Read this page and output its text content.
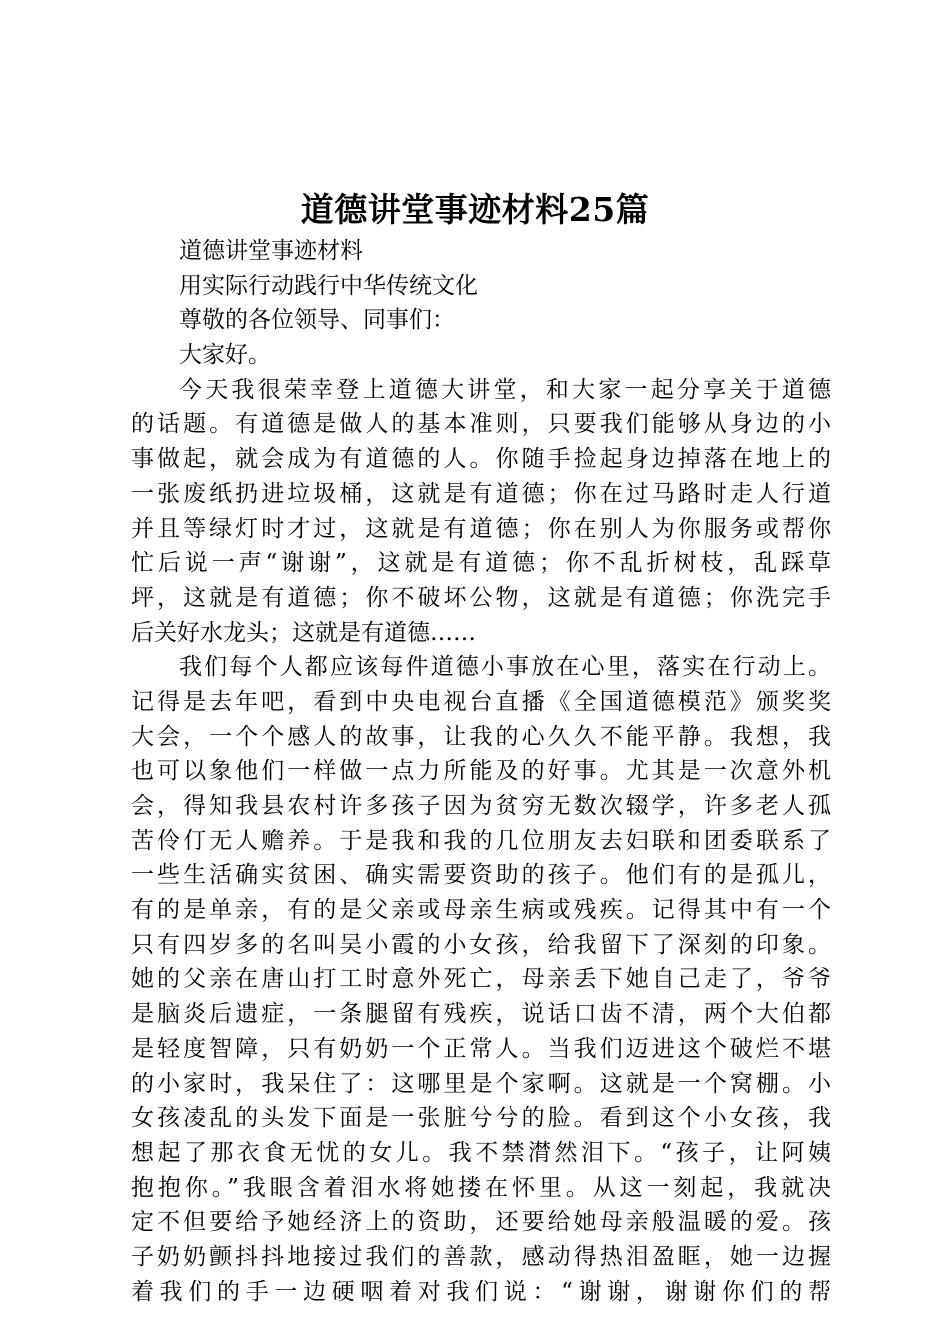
道德讲堂事迹材料25篇
道德讲堂事迹材料
用实际行动践行中华传统文化
尊敬的各位领导、同事们：
大家好。
今天我很荣幸登上道德大讲堂，和大家一起分享关于道德
的话题。有道德是做人的基本准则，只要我们能够从身边的小
事做起，就会成为有道德的人。你随手捡起身边掉落在地上的
一张废纸扔进垃圾桶，这就是有道德；你在过马路时走人行道
并且等绿灯时才过，这就是有道德；你在别人为你服务或帮你
忙后说一声“谢谢”，这就是有道德；你不乱折树枝，乱踩草
坪，这就是有道德；你不破坏公物，这就是有道德；你洗完手
后关好水龙头；这就是有道德……
我们每个人都应该每件道德小事放在心里，落实在行动上。
记得是去年吧，看到中央电视台直播《全国道德模范》颁奖奖
大会，一个个感人的故事，让我的心久久不能平静。我想，我
也可以象他们一样做一点力所能及的好事。尤其是一次意外机
会，得知我县农村许多孩子因为贫穷无数次辍学，许多老人孤
苦伶仃无人赡养。于是我和我的几位朋友去妇联和团委联系了
一些生活确实贫困、确实需要资助的孩子。他们有的是孤儿，
有的是单亲，有的是父亲或母亲生病或残疾。记得其中有一个
只有四岁多的名叫吴小霞的小女孩，给我留下了深刻的印象。
她的父亲在唐山打工时意外死亡，母亲丢下她自己走了，爷爷
是脑炎后遗症，一条腿留有残疾，说话口齿不清，两个大伯都
是轻度智障，只有奶奶一个正常人。当我们迈进这个破烂不堪
的小家时，我呆住了：这哪里是个家啊。这就是一个窝棚。小
女孩凌乱的头发下面是一张脏兮兮的脸。看到这个小女孩，我
想起了那衣食无忧的女儿。我不禁潸然泪下。“孩子，让阿姨
抱抱你。”我眼含着泪水将她搂在怀里。从这一刻起，我就决
定不但要给予她经济上的资助，还要给她母亲般温暖的爱。孩
子奶奶颤抖抖地接过我们的善款，感动得热泪盈眶，她一边握
着我们的手一边硬咽着对我们说：“谢谢，谢谢你们的帮
